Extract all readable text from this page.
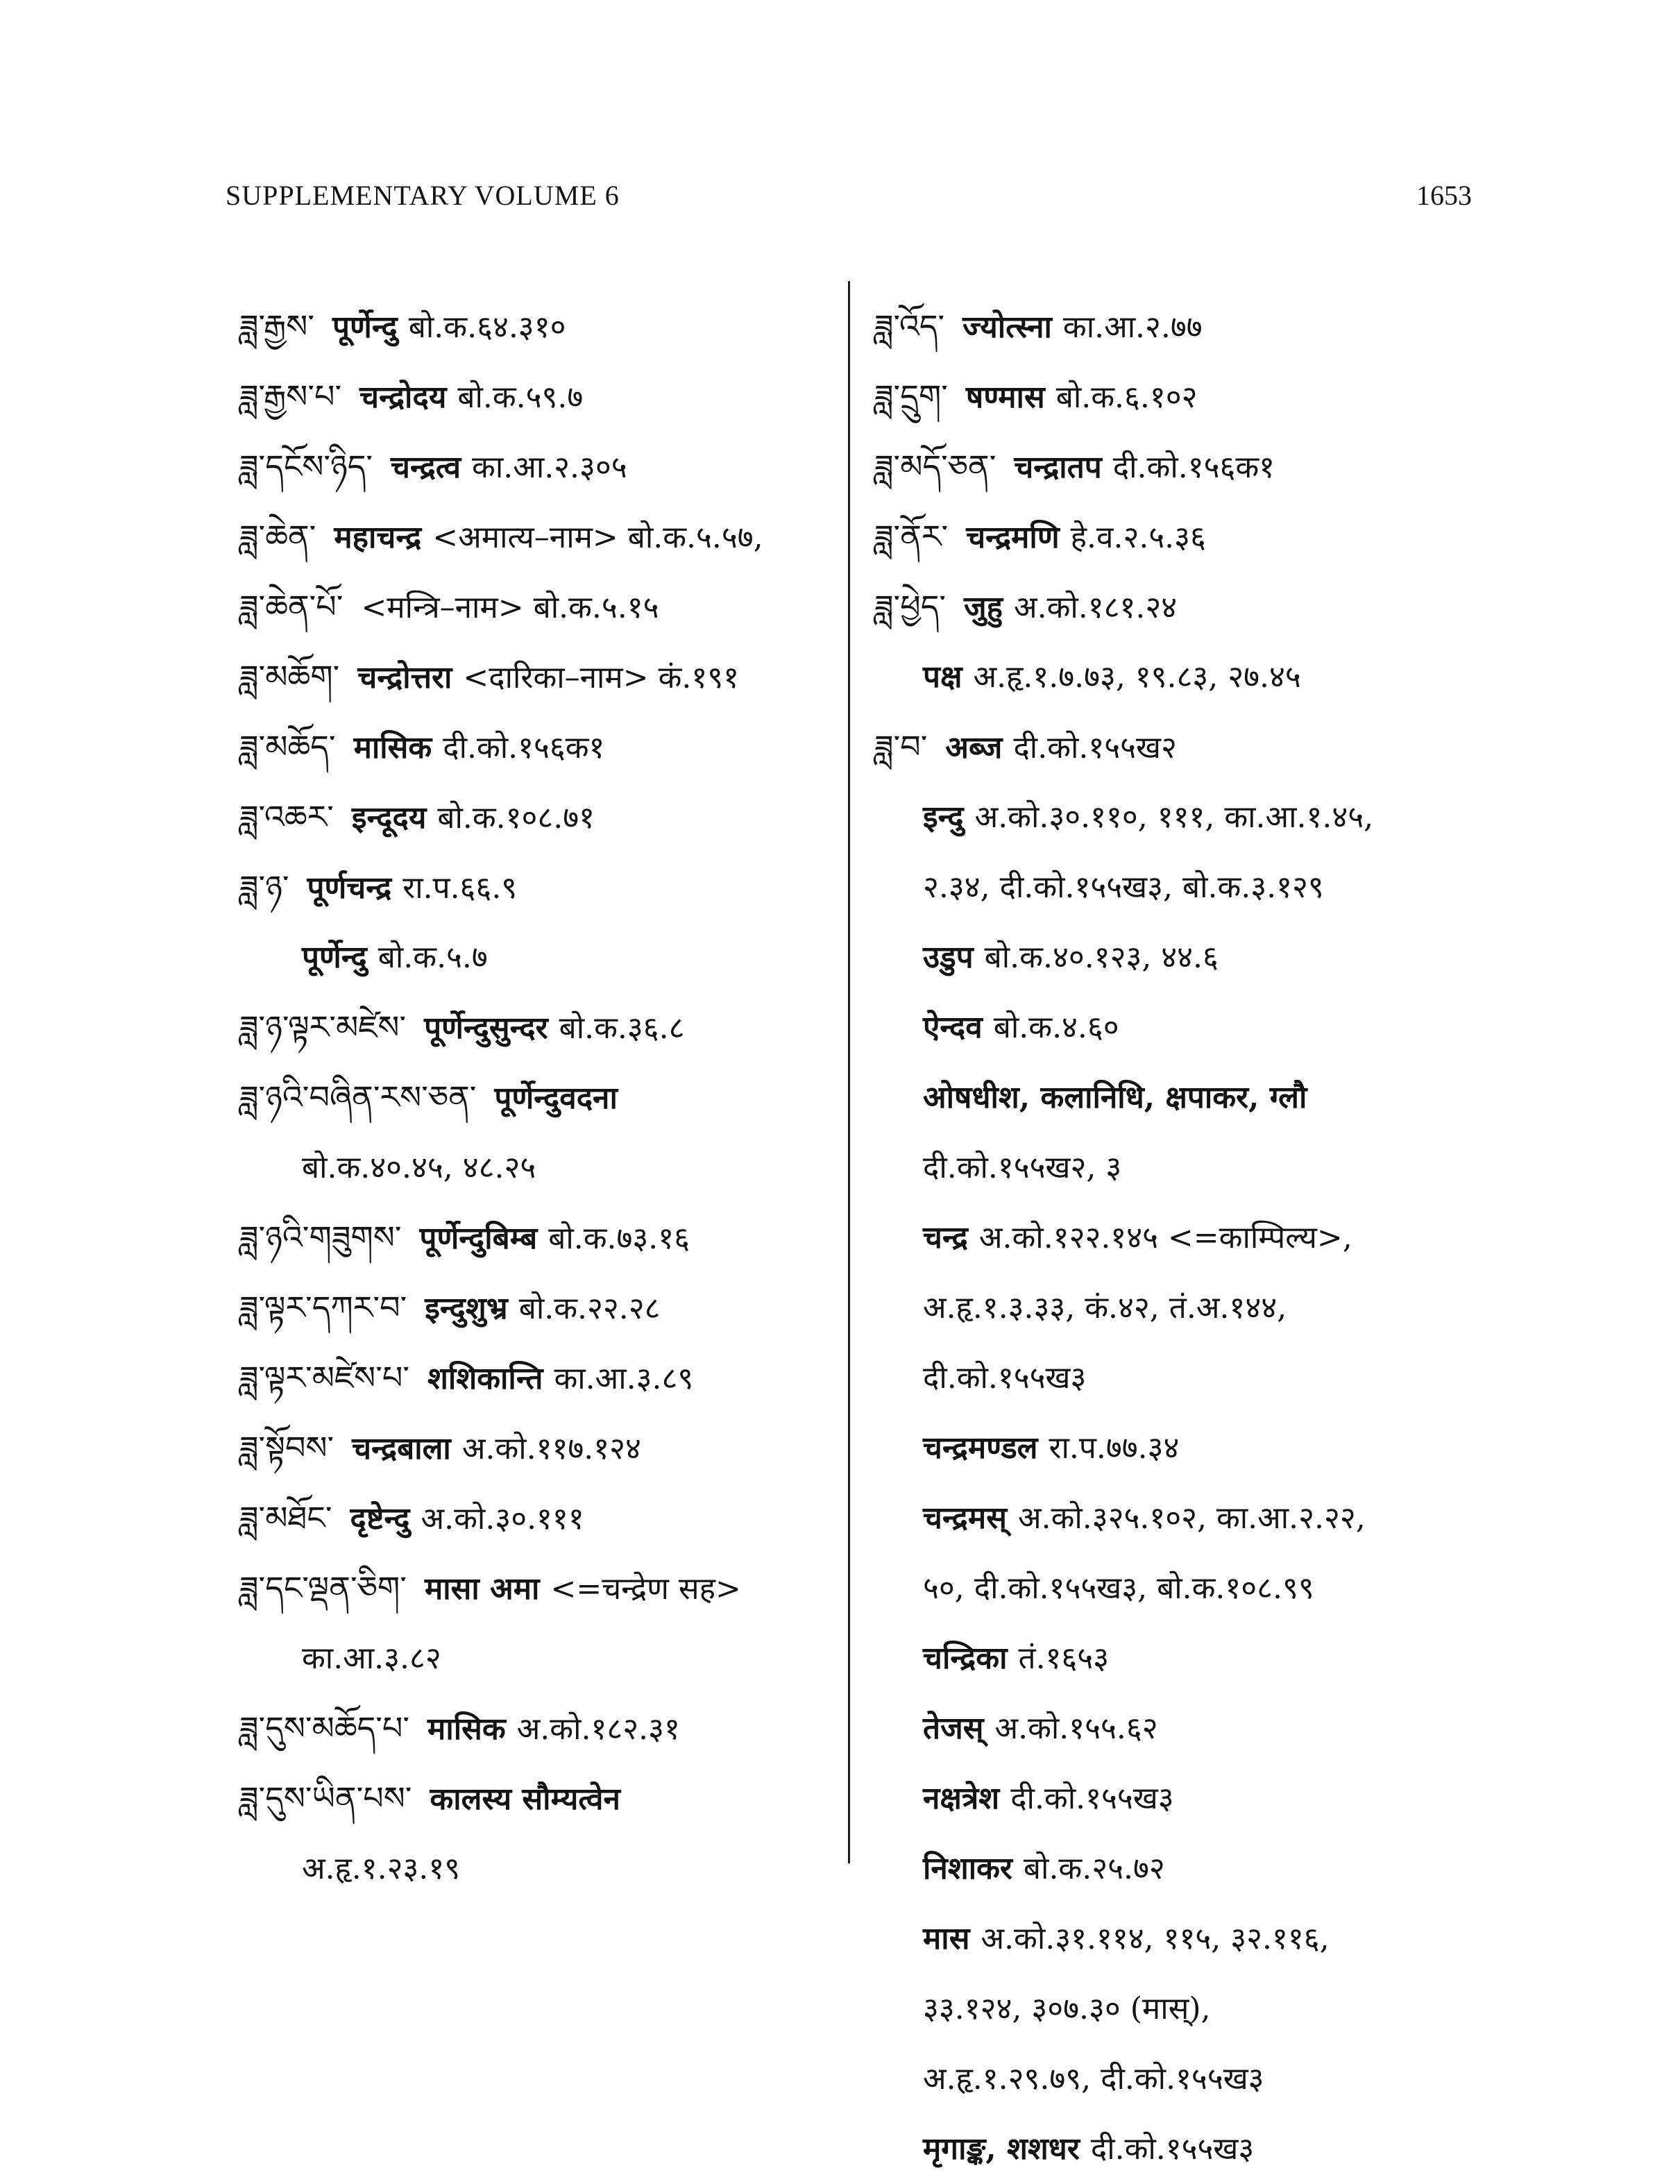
SUPPLEMENTARY VOLUME 6	1653
ཟླ་རྒྱས་ पूर्णेन्दु बो.क.६४.३१०
ཟླ་རྒྱས་པ་ चन्द्रोदय बो.क.५९.७
ཟླ་དངོས་ཉིད་ चन्द्रत्व का.आ.२.३०५
ཟླ་ཆེན་ महाचन्द्र <अमात्य–नाम> बो.क.५.५७,
ཟླ་ཆེན་པོ་ <मन्त्रि–नाम> बो.क.५.१५
ཟླ་མཆོག་ चन्द्रोत्तरा <दारिका–नाम> कं.१९१
ཟླ་མཆོད་ मासिक दी.को.१५६क१
ཟླ་འཆར་ इन्दूदय बो.क.१०८.७१
ཟླ་ཉ་ पूर्णचन्द्र रा.प.६६.९
पूर्णेन्दु बो.क.५.७
ཟླ་ཉ་ལྟར་མཛེས་ पूर्णेन्दुसुन्दर बो.क.३६.८
ཟླ་ཉའི་བཞིན་རས་ཅན་ पूर्णेन्दुवदना
बो.क.४०.४५, ४८.२५
ཟླ་ཉའི་གཟུགས་ पूर्णेन्दुबिम्ब बो.क.७३.१६
ཟླ་ལྟར་དཀར་བ་ इन्दुशुभ्र बो.क.२२.२८
ཟླ་ལྟར་མཛེས་པ་ शशिकान्ति का.आ.३.८९
ཟླ་སྟོབས་ चन्द्रबाला अ.को.११७.१२४
ཟླ་མཐོང་ दृष्टेन्दु अ.को.३०.१११
ཟླ་དང་ལྡན་ཅིག་ मासा अमा <=चन्द्रेण सह>
का.आ.३.८२
ཟླ་དུས་མཆོད་པ་ मासिक अ.को.१८२.३१
ཟླ་དུས་ཡིན་པས་ कालस्य सौम्यत्वेन
अ.हृ.१.२३.१९
ཟླ་འོད་ ज्योत्स्ना का.आ.२.७७
ཟླ་དྲུག་ षण्मास बो.क.६.१०२
ཟླ་མདོ་ཅན་ चन्द्रातप दी.को.१५६क१
ཟླ་ནོར་ चन्द्रमणि हे.व.२.५.३६
ཟླ་ཕྱེད་ जुहु अ.को.१८१.२४
पक्ष अ.हृ.१.७.७३, १९.८३, २७.४५
ཟླ་བ་ अब्ज दी.को.१५५ख२
इन्दु अ.को.३०.११०, १११, का.आ.१.४५,
२.३४, दी.को.१५५ख३, बो.क.३.१२९
उडुप बो.क.४०.१२३, ४४.६
ऐन्दव बो.क.४.६०
ओषधीश, कलानिधि, क्षपाकर, ग्लौ
दी.को.१५५ख२, ३
चन्द्र अ.को.१२२.१४५ <=काम्पिल्य>,
अ.हृ.१.३.३३, कं.४२, तं.अ.१४४,
दी.को.१५५ख३
चन्द्रमण्डल रा.प.७७.३४
चन्द्रमस् अ.को.३२५.१०२, का.आ.२.२२,
५०, दी.को.१५५ख३, बो.क.१०८.९९
चन्द्रिका तं.१६५३
तेजस् अ.को.१५५.६२
नक्षत्रेश दी.को.१५५ख३
निशाकर बो.क.२५.७२
मास अ.को.३१.११४, ११५, ३२.११६,
३३.१२४, ३०७.३० (मास्),
अ.हृ.१.२९.७९, दी.को.१५५ख३
मृगाङ्क, शशधर दी.को.१५५ख३
